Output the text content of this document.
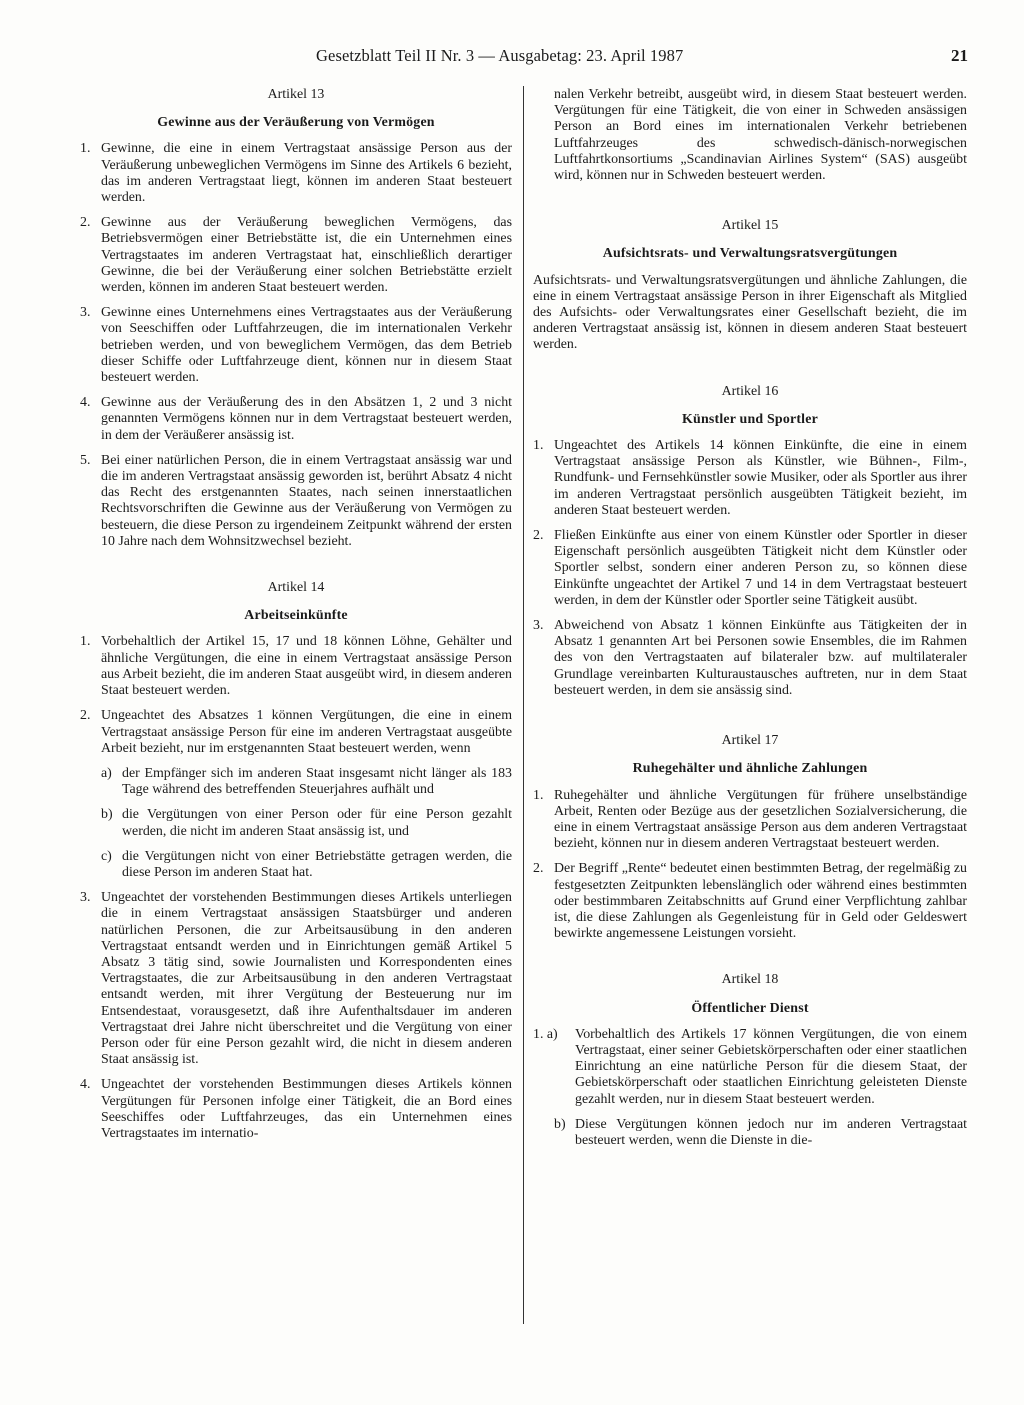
Gesetzblatt Teil II Nr. 3 — Ausgabetag: 23. April 1987	21
Artikel 13
Gewinne aus der Veräußerung von Vermögen
1. Gewinne, die eine in einem Vertragstaat ansässige Person aus der Veräußerung unbeweglichen Vermögens im Sinne des Artikels 6 bezieht, das im anderen Vertragstaat liegt, können im anderen Staat besteuert werden.
2. Gewinne aus der Veräußerung beweglichen Vermögens, das Betriebsvermögen einer Betriebstätte ist, die ein Unternehmen eines Vertragstaates im anderen Vertragstaat hat, einschließlich derartiger Gewinne, die bei der Veräußerung einer solchen Betriebstätte erzielt werden, können im anderen Staat besteuert werden.
3. Gewinne eines Unternehmens eines Vertragstaates aus der Veräußerung von Seeschiffen oder Luftfahrzeugen, die im internationalen Verkehr betrieben werden, und von beweglichem Vermögen, das dem Betrieb dieser Schiffe oder Luftfahrzeuge dient, können nur in diesem Staat besteuert werden.
4. Gewinne aus der Veräußerung des in den Absätzen 1, 2 und 3 nicht genannten Vermögens können nur in dem Vertragstaat besteuert werden, in dem der Veräußerer ansässig ist.
5. Bei einer natürlichen Person, die in einem Vertragstaat ansässig war und die im anderen Vertragstaat ansässig geworden ist, berührt Absatz 4 nicht das Recht des erstgenannten Staates, nach seinen innerstaatlichen Rechtsvorschriften die Gewinne aus der Veräußerung von Vermögen zu besteuern, die diese Person zu irgendeinem Zeitpunkt während der ersten 10 Jahre nach dem Wohnsitzwechsel bezieht.
Artikel 14
Arbeitseinkünfte
1. Vorbehaltlich der Artikel 15, 17 und 18 können Löhne, Gehälter und ähnliche Vergütungen, die eine in einem Vertragstaat ansässige Person aus Arbeit bezieht, die im anderen Staat ausgeübt wird, in diesem anderen Staat besteuert werden.
2. Ungeachtet des Absatzes 1 können Vergütungen, die eine in einem Vertragstaat ansässige Person für eine im anderen Vertragstaat ausgeübte Arbeit bezieht, nur im erstgenannten Staat besteuert werden, wenn
a) der Empfänger sich im anderen Staat insgesamt nicht länger als 183 Tage während des betreffenden Steuerjahres aufhält und
b) die Vergütungen von einer Person oder für eine Person gezahlt werden, die nicht im anderen Staat ansässig ist, und
c) die Vergütungen nicht von einer Betriebstätte getragen werden, die diese Person im anderen Staat hat.
3. Ungeachtet der vorstehenden Bestimmungen dieses Artikels unterliegen die in einem Vertragstaat ansässigen Staatsbürger und anderen natürlichen Personen, die zur Arbeitsausübung in den anderen Vertragstaat entsandt werden und in Einrichtungen gemäß Artikel 5 Absatz 3 tätig sind, sowie Journalisten und Korrespondenten eines Vertragstaates, die zur Arbeitsausübung in den anderen Vertragstaat entsandt werden, mit ihrer Vergütung der Besteuerung nur im Entsendestaat, vorausgesetzt, daß ihre Aufenthaltsdauer im anderen Vertragstaat drei Jahre nicht überschreitet und die Vergütung von einer Person oder für eine Person gezahlt wird, die nicht in diesem anderen Staat ansässig ist.
4. Ungeachtet der vorstehenden Bestimmungen dieses Artikels können Vergütungen für Personen infolge einer Tätigkeit, die an Bord eines Seeschiffes oder Luftfahrzeuges, das ein Unternehmen eines Vertragstaates im internatio-
nalen Verkehr betreibt, ausgeübt wird, in diesem Staat besteuert werden. Vergütungen für eine Tätigkeit, die von einer in Schweden ansässigen Person an Bord eines im internationalen Verkehr betriebenen Luftfahrzeuges des schwedisch-dänisch-norwegischen Luftfahrtkonsortiums „Scandinavian Airlines System“ (SAS) ausgeübt wird, können nur in Schweden besteuert werden.
Artikel 15
Aufsichtsrats- und Verwaltungsratsvergütungen
Aufsichtsrats- und Verwaltungsratsvergütungen und ähnliche Zahlungen, die eine in einem Vertragstaat ansässige Person in ihrer Eigenschaft als Mitglied des Aufsichts- oder Verwaltungsrates einer Gesellschaft bezieht, die im anderen Vertragstaat ansässig ist, können in diesem anderen Staat besteuert werden.
Artikel 16
Künstler und Sportler
1. Ungeachtet des Artikels 14 können Einkünfte, die eine in einem Vertragstaat ansässige Person als Künstler, wie Bühnen-, Film-, Rundfunk- und Fernsehkünstler sowie Musiker, oder als Sportler aus ihrer im anderen Vertragstaat persönlich ausgeübten Tätigkeit bezieht, im anderen Staat besteuert werden.
2. Fließen Einkünfte aus einer von einem Künstler oder Sportler in dieser Eigenschaft persönlich ausgeübten Tätigkeit nicht dem Künstler oder Sportler selbst, sondern einer anderen Person zu, so können diese Einkünfte ungeachtet der Artikel 7 und 14 in dem Vertragstaat besteuert werden, in dem der Künstler oder Sportler seine Tätigkeit ausübt.
3. Abweichend von Absatz 1 können Einkünfte aus Tätigkeiten der in Absatz 1 genannten Art bei Personen sowie Ensembles, die im Rahmen des von den Vertragstaaten auf bilateraler bzw. auf multilateraler Grundlage vereinbarten Kulturaustausches auftreten, nur in dem Staat besteuert werden, in dem sie ansässig sind.
Artikel 17
Ruhegehälter und ähnliche Zahlungen
1. Ruhegehälter und ähnliche Vergütungen für frühere unselbständige Arbeit, Renten oder Bezüge aus der gesetzlichen Sozialversicherung, die eine in einem Vertragstaat ansässige Person aus dem anderen Vertragstaat bezieht, können nur in diesem anderen Vertragstaat besteuert werden.
2. Der Begriff „Rente“ bedeutet einen bestimmten Betrag, der regelmäßig zu festgesetzten Zeitpunkten lebenslänglich oder während eines bestimmten oder bestimmbaren Zeitabschnitts auf Grund einer Verpflichtung zahlbar ist, die diese Zahlungen als Gegenleistung für in Geld oder Geldeswert bewirkte angemessene Leistungen vorsieht.
Artikel 18
Öffentlicher Dienst
1. a) Vorbehaltlich des Artikels 17 können Vergütungen, die von einem Vertragstaat, einer seiner Gebietskörperschaften oder einer staatlichen Einrichtung an eine natürliche Person für die diesem Staat, der Gebietskörperschaft oder staatlichen Einrichtung geleisteten Dienste gezahlt werden, nur in diesem Staat besteuert werden.
b) Diese Vergütungen können jedoch nur im anderen Vertragstaat besteuert werden, wenn die Dienste in die-
